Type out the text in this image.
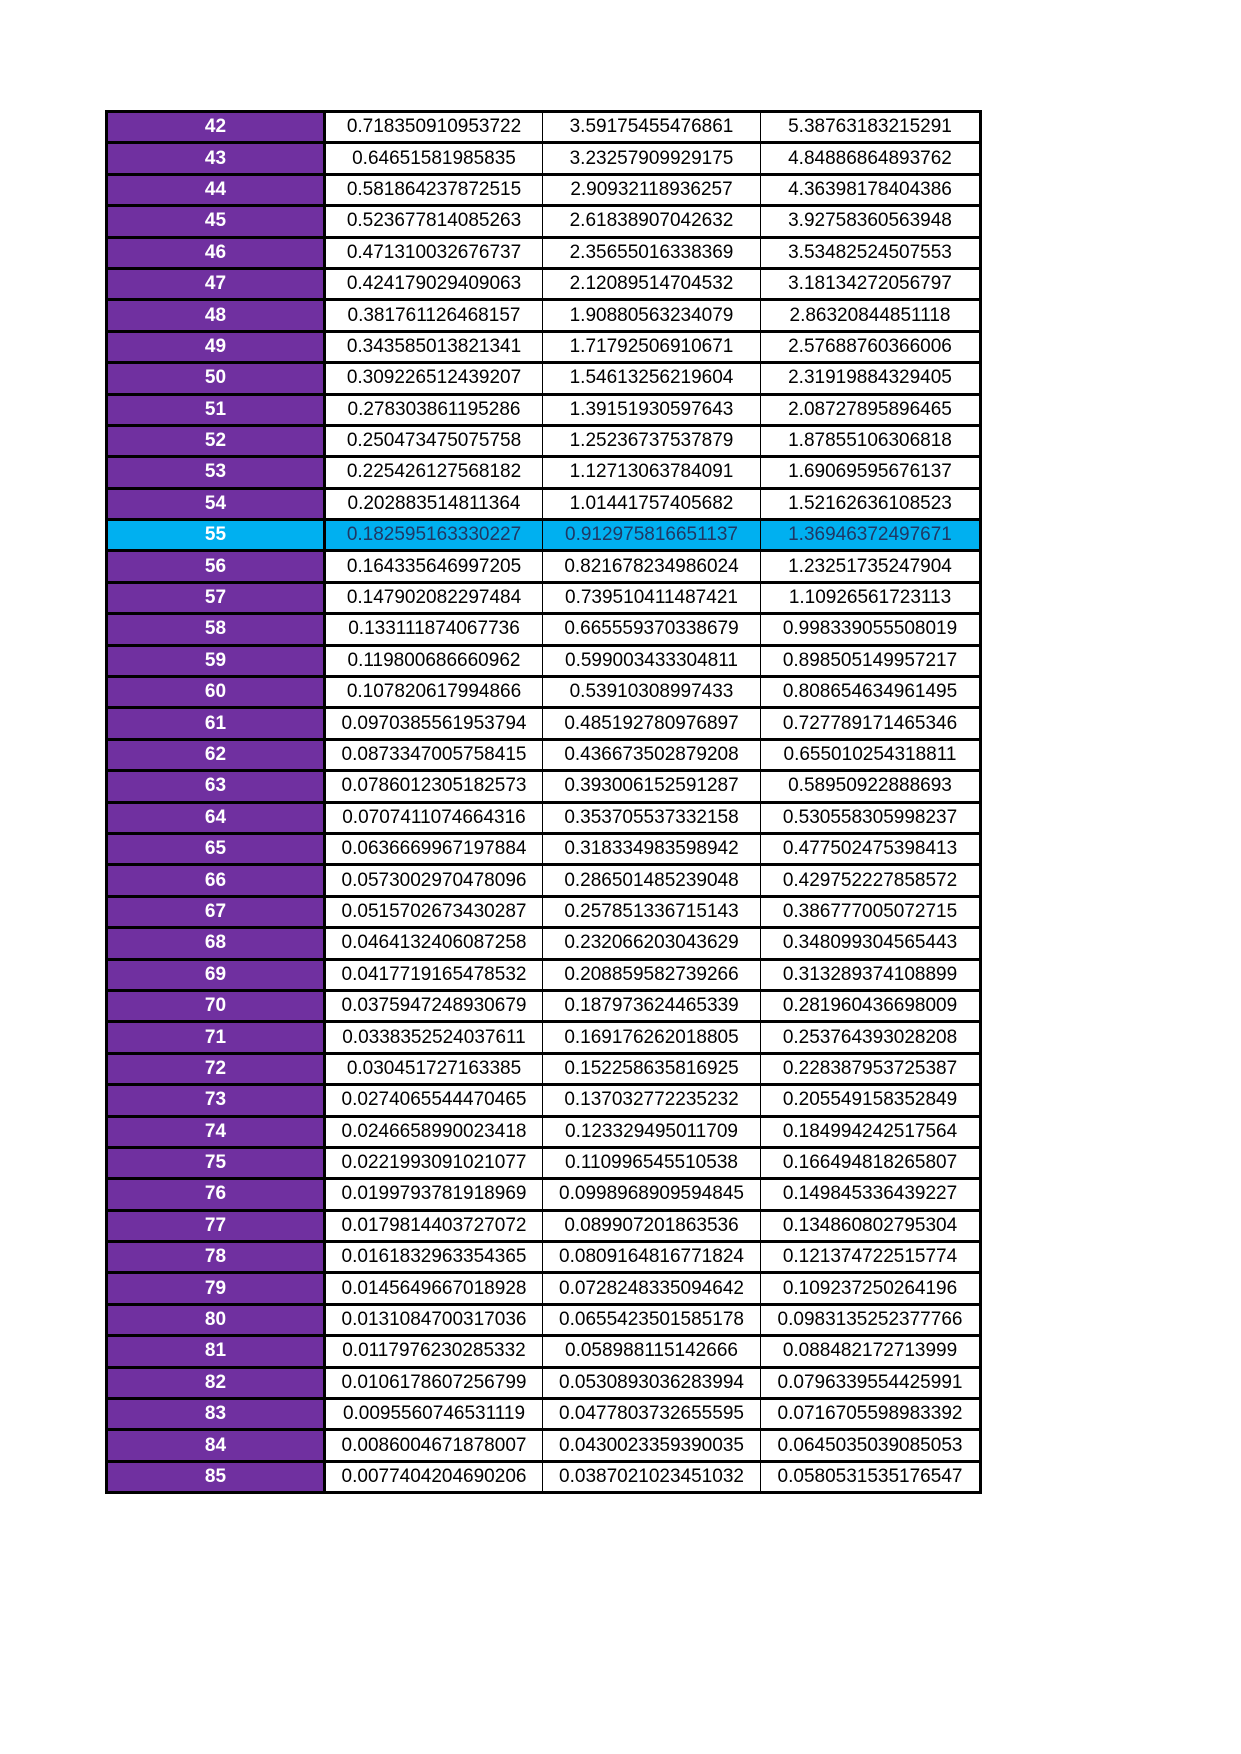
42	0.718350910953722	3.59175455476861	5.38763183215291
43	0.64651581985835	3.23257909929175	4.84886864893762
44	0.581864237872515	2.90932118936257	4.36398178404386
45	0.523677814085263	2.61838907042632	3.92758360563948
46	0.471310032676737	2.35655016338369	3.53482524507553
47	0.424179029409063	2.12089514704532	3.18134272056797
48	0.381761126468157	1.90880563234079	2.86320844851118
49	0.343585013821341	1.71792506910671	2.57688760366006
50	0.309226512439207	1.54613256219604	2.31919884329405
51	0.278303861195286	1.39151930597643	2.08727895896465
52	0.250473475075758	1.25236737537879	1.87855106306818
53	0.225426127568182	1.12713063784091	1.69069595676137
54	0.202883514811364	1.01441757405682	1.52162636108523
55	0.182595163330227	0.912975816651137	1.36946372497671
56	0.164335646997205	0.821678234986024	1.23251735247904
57	0.147902082297484	0.739510411487421	1.10926561723113
58	0.133111874067736	0.665559370338679	0.998339055508019
59	0.119800686660962	0.599003433304811	0.898505149957217
60	0.107820617994866	0.53910308997433	0.808654634961495
61	0.0970385561953794	0.485192780976897	0.727789171465346
62	0.0873347005758415	0.436673502879208	0.655010254318811
63	0.0786012305182573	0.393006152591287	0.58950922888693
64	0.0707411074664316	0.353705537332158	0.530558305998237
65	0.0636669967197884	0.318334983598942	0.477502475398413
66	0.0573002970478096	0.286501485239048	0.429752227858572
67	0.0515702673430287	0.257851336715143	0.386777005072715
68	0.0464132406087258	0.232066203043629	0.348099304565443
69	0.0417719165478532	0.208859582739266	0.313289374108899
70	0.0375947248930679	0.187973624465339	0.281960436698009
71	0.0338352524037611	0.169176262018805	0.253764393028208
72	0.030451727163385	0.152258635816925	0.228387953725387
73	0.0274065544470465	0.137032772235232	0.205549158352849
74	0.0246658990023418	0.123329495011709	0.184994242517564
75	0.0221993091021077	0.110996545510538	0.166494818265807
76	0.0199793781918969	0.0998968909594845	0.149845336439227
77	0.0179814403727072	0.089907201863536	0.134860802795304
78	0.0161832963354365	0.0809164816771824	0.121374722515774
79	0.0145649667018928	0.0728248335094642	0.109237250264196
80	0.0131084700317036	0.0655423501585178	0.0983135252377766
81	0.0117976230285332	0.058988115142666	0.088482172713999
82	0.0106178607256799	0.0530893036283994	0.0796339554425991
83	0.0095560746531119	0.0477803732655595	0.0716705598983392
84	0.0086004671878007	0.0430023359390035	0.0645035039085053
85	0.0077404204690206	0.0387021023451032	0.0580531535176547
